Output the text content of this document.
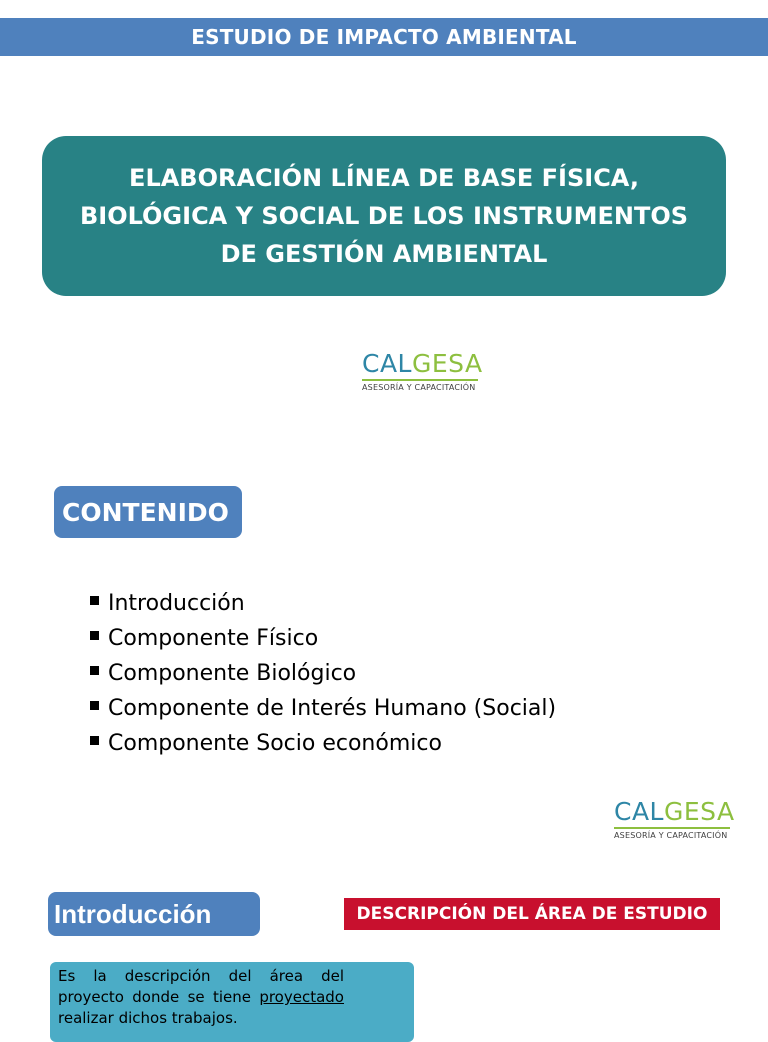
ESTUDIO DE IMPACTO AMBIENTAL
ELABORACIÓN LÍNEA DE BASE FÍSICA, BIOLÓGICA Y SOCIAL DE LOS INSTRUMENTOS DE GESTIÓN AMBIENTAL
CALGESA
ASESORÍA Y CAPACITACIÓN
CONTENIDO
Introducción
Componente Físico
Componente Biológico
Componente de Interés Humano (Social)
Componente Socio económico
CALGESA
ASESORÍA Y CAPACITACIÓN
Introducción	DESCRIPCIÓN DEL ÁREA DE ESTUDIO
Es la descripción del área del proyecto donde se tiene proyectado realizar dichos trabajos.
